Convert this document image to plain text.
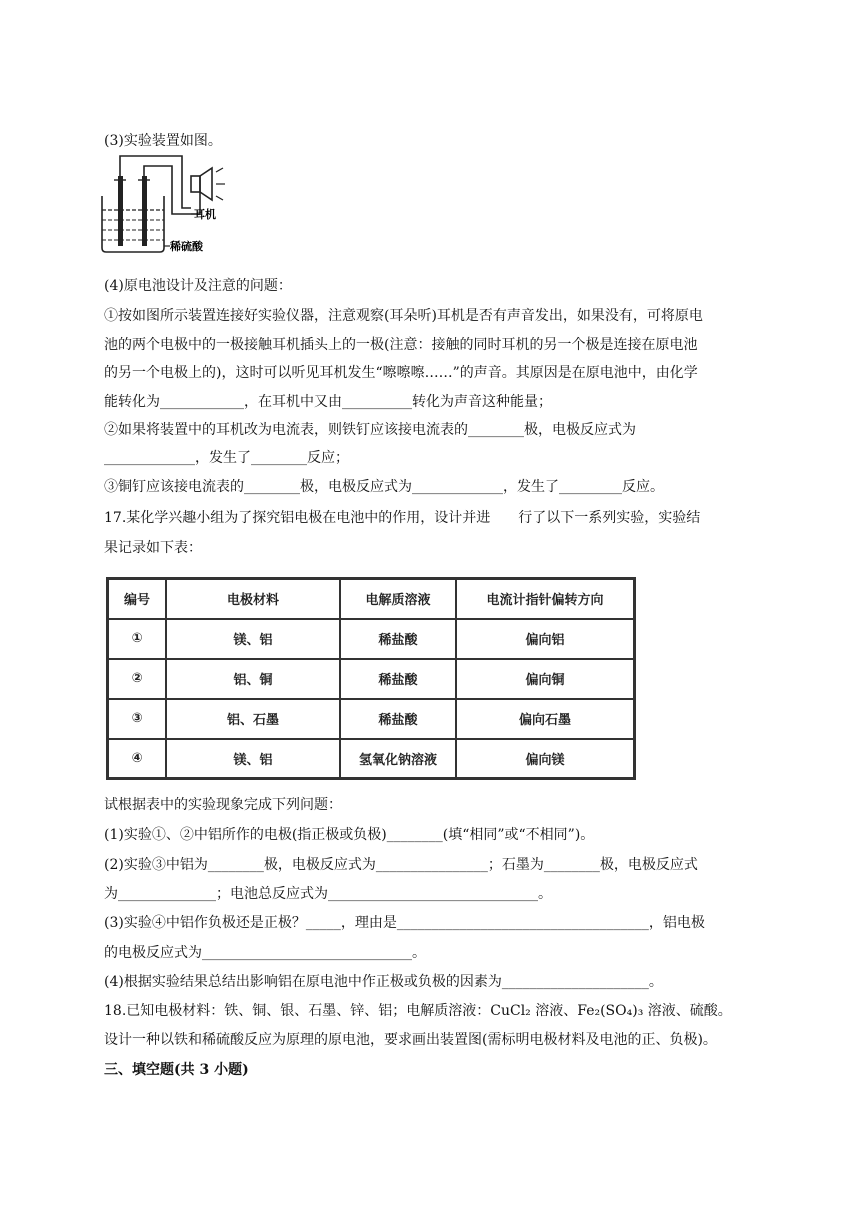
(3)实验装置如图。
耳机
稀硫酸
(4)原电池设计及注意的问题：
①按如图所示装置连接好实验仪器，注意观察(耳朵听)耳机是否有声音发出，如果没有，可将原电
池的两个电极中的一极接触耳机插头上的一极(注意：接触的同时耳机的另一个极是连接在原电池
的另一个电极上的)，这时可以听见耳机发生“嚓嚓嚓……”的声音。其原因是在原电池中，由化学
能转化为____________，在耳机中又由__________转化为声音这种能量；
②如果将装置中的耳机改为电流表，则铁钉应该接电流表的________极，电极反应式为
_____________，发生了________反应；
③铜钉应该接电流表的________极，电极反应式为_____________，发生了_________反应。
17.某化学兴趣小组为了探究铝电极在电池中的作用，设计并进　　行了以下一系列实验，实验结
果记录如下表：
编号	电极材料	电解质溶液	电流计指针偏转方向
①	镁、铝	稀盐酸	偏向铝
②	铝、铜	稀盐酸	偏向铜
③	铝、石墨	稀盐酸	偏向石墨
④	镁、铝	氢氧化钠溶液	偏向镁
试根据表中的实验现象完成下列问题：
(1)实验①、②中铝所作的电极(指正极或负极)________(填“相同”或“不相同”)。
(2)实验③中铝为________极，电极反应式为________________；石墨为________极，电极反应式
为______________；电池总反应式为______________________________。
(3)实验④中铝作负极还是正极？_____，理由是____________________________________，铝电极
的电极反应式为______________________________。
(4)根据实验结果总结出影响铝在原电池中作正极或负极的因素为_____________________。
18.已知电极材料：铁、铜、银、石墨、锌、铝；电解质溶液：CuCl₂ 溶液、Fe₂(SO₄)₃ 溶液、硫酸。
设计一种以铁和稀硫酸反应为原理的原电池，要求画出装置图(需标明电极材料及电池的正、负极)。
三、填空题(共 3 小题)
